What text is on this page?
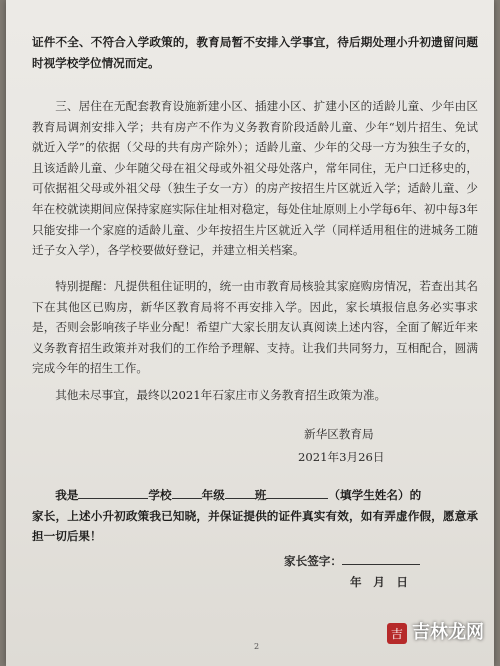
证件不全、不符合入学政策的，教育局暂不安排入学事宜，待后期处理小升初遗留问题时视学校学位情况而定。

三、居住在无配套教育设施新建小区、插建小区、扩建小区的适龄儿童、少年由区教育局调剂安排入学；共有房产不作为义务教育阶段适龄儿童、少年“划片招生、免试就近入学”的依据（父母的共有房产除外）；适龄儿童、少年的父母一方为独生子女的，且该适龄儿童、少年随父母在祖父母或外祖父母处落户，常年同住，无户口迁移史的，可依据祖父母或外祖父母（独生子女一方）的房产按招生片区就近入学；适龄儿童、少年在校就读期间应保持家庭实际住址相对稳定，每处住址原则上小学每6年、初中每3年只能安排一个家庭的适龄儿童、少年按招生片区就近入学（同样适用租住的进城务工随迁子女入学），各学校要做好登记，并建立相关档案。

特别提醒：凡提供租住证明的，统一由市教育局核验其家庭购房情况，若查出其名下在其他区已购房，新华区教育局将不再安排入学。因此，家长填报信息务必实事求是，否则会影响孩子毕业分配！希望广大家长朋友认真阅读上述内容，全面了解近年来义务教育招生政策并对我们的工作给予理解、支持。让我们共同努力，互相配合，圆满完成今年的招生工作。

其他未尽事宜，最终以2021年石家庄市义务教育招生政策为准。

新华区教育局
2021年3月26日
我是	学校	年级	班	（填学生姓名）的
家长，上述小升初政策我已知晓，并保证提供的证件真实有效，如有弄虚作假，愿意承担一切后果！
家长签字：
年　月　日
2
吉 吉林龙网
